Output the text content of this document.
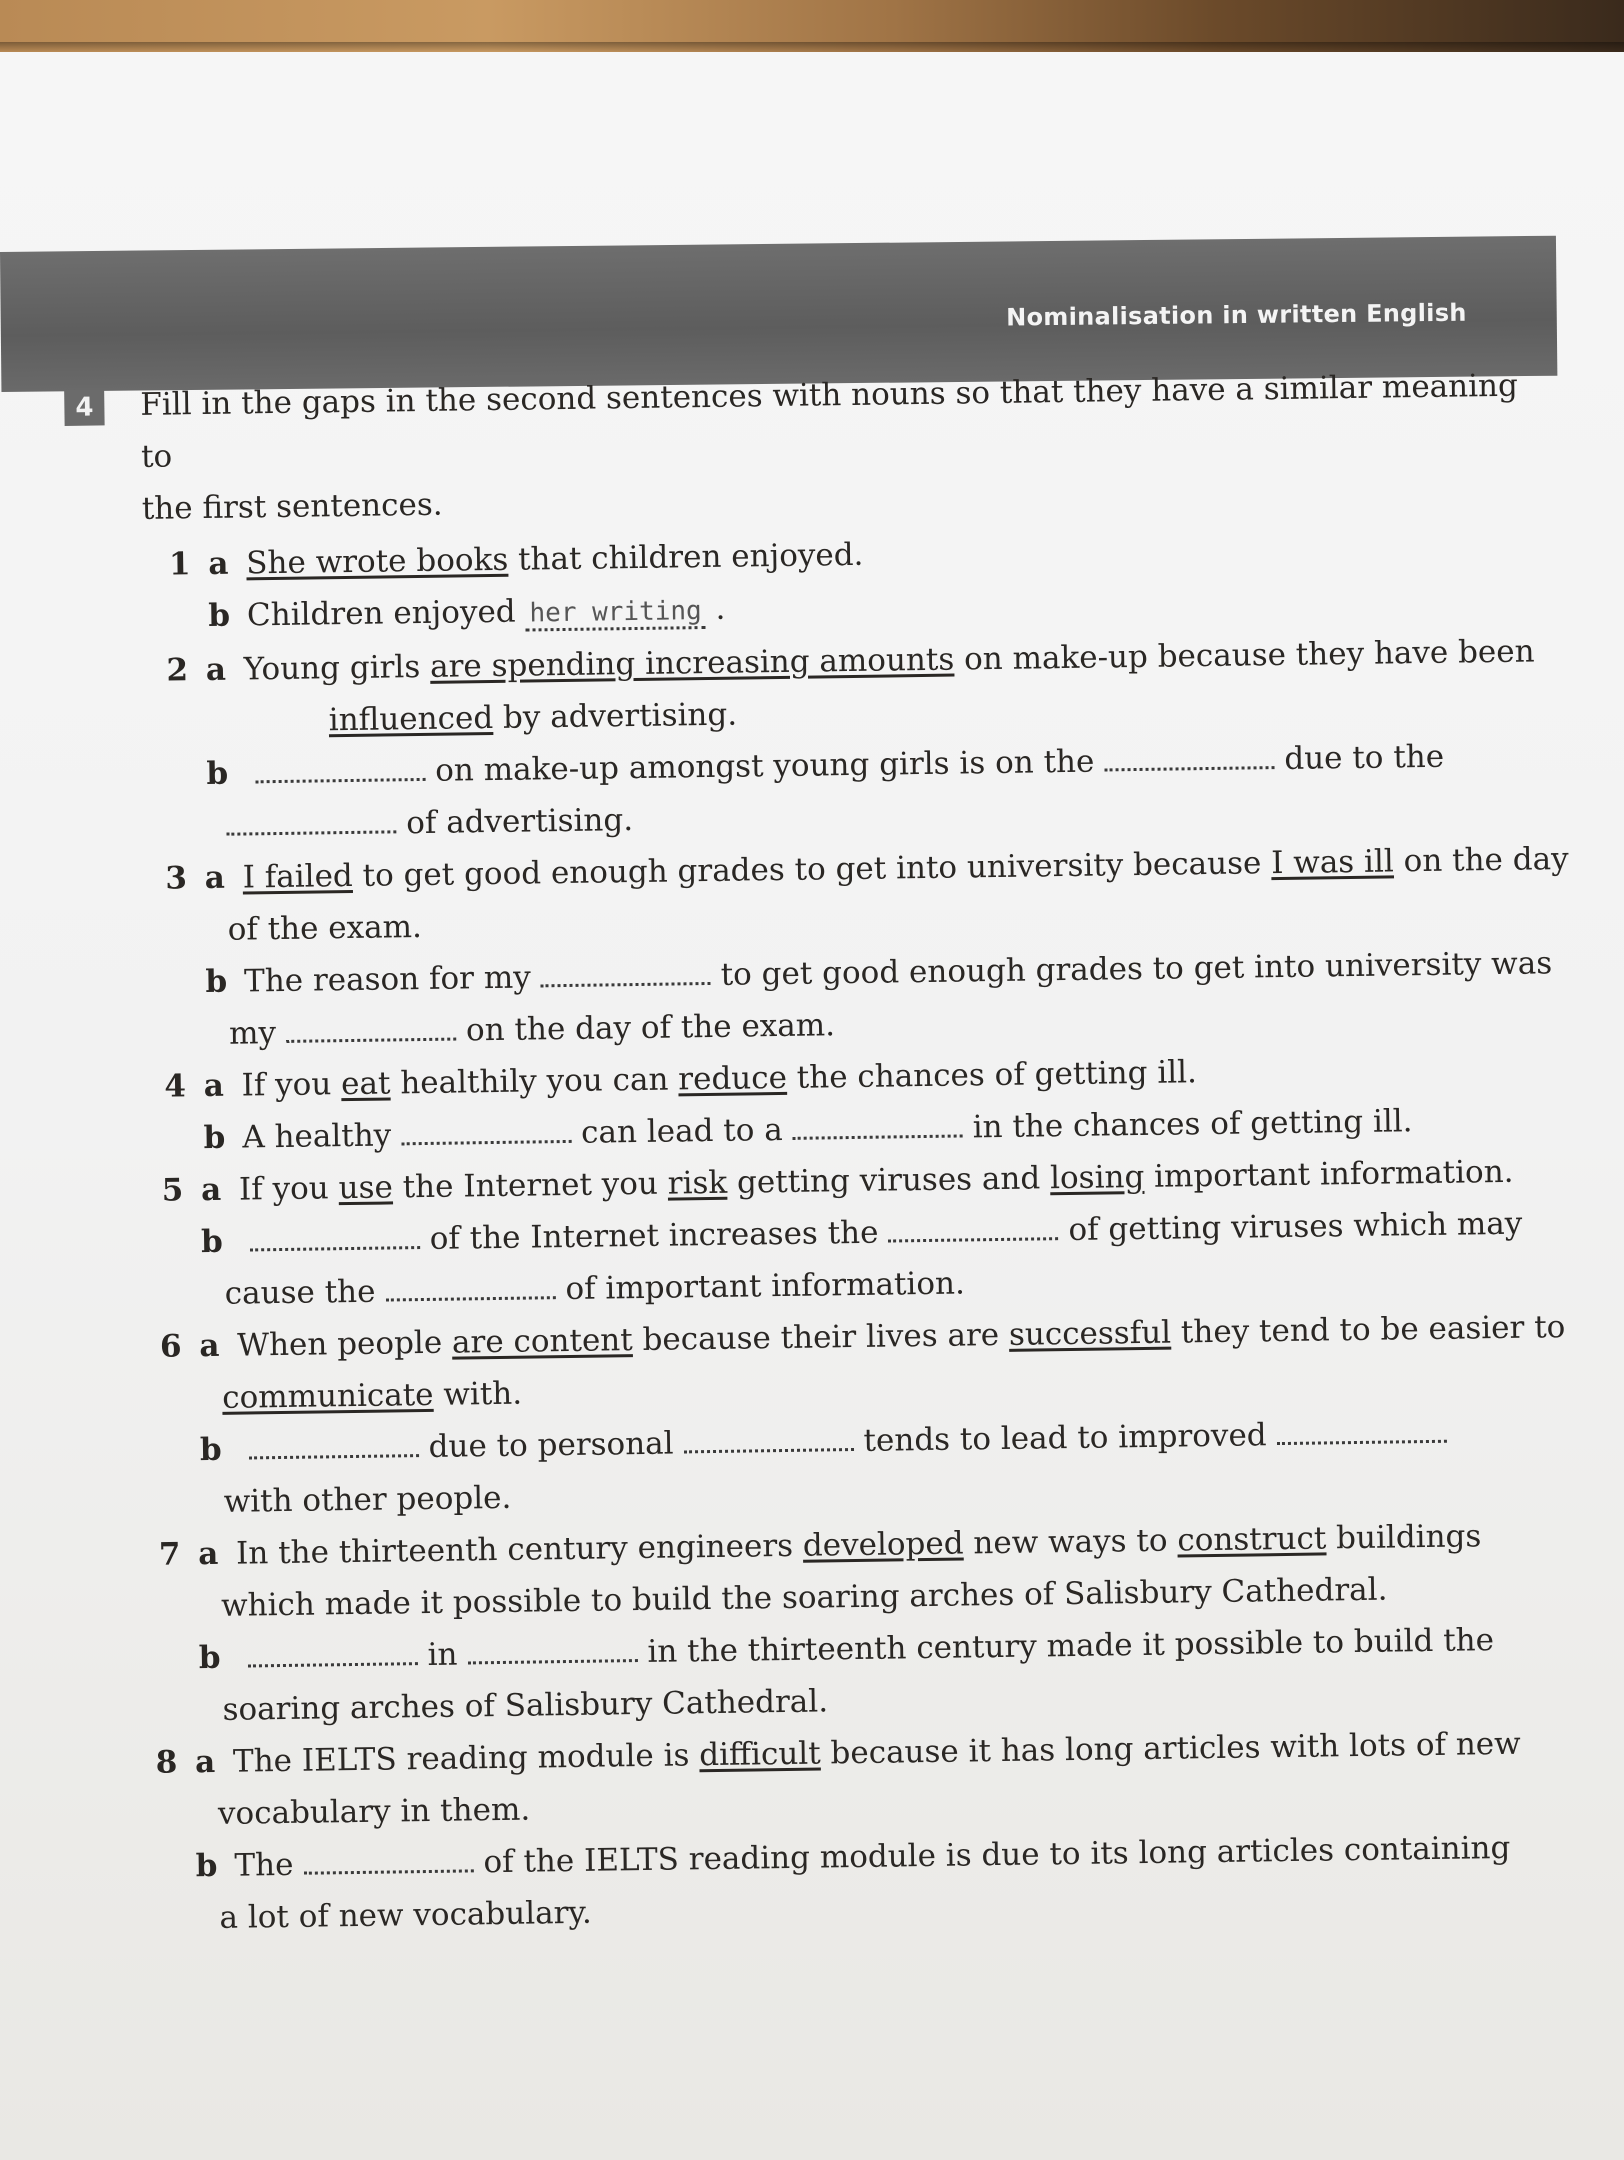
Nominalisation in written English
4	Fill in the gaps in the second sentences with nouns so that they have a similar meaning to
the first sentences.
1 a She wrote books that children enjoyed.
b Children enjoyed her writing .
2 a Young girls are spending increasing amounts on make-up because they have been
influenced by advertising.
b	on make-up amongst young girls is on the	due to the
of advertising.
3 a I failed to get good enough grades to get into university because I was ill on the day
of the exam.
b The reason for my	to get good enough grades to get into university was
my	on the day of the exam.
4 a If you eat healthily you can reduce the chances of getting ill.
b A healthy	can lead to a	in the chances of getting ill.
5 a If you use the Internet you risk getting viruses and losing important information.
b	of the Internet increases the	of getting viruses which may
cause the	of important information.
6 a When people are content because their lives are successful they tend to be easier to
communicate with.
b	due to personal	tends to lead to improved
with other people.
7 a In the thirteenth century engineers developed new ways to construct buildings
which made it possible to build the soaring arches of Salisbury Cathedral.
b	in	in the thirteenth century made it possible to build the
soaring arches of Salisbury Cathedral.
8 a The IELTS reading module is difficult because it has long articles with lots of new
vocabulary in them.
b The	of the IELTS reading module is due to its long articles containing
a lot of new vocabulary.
